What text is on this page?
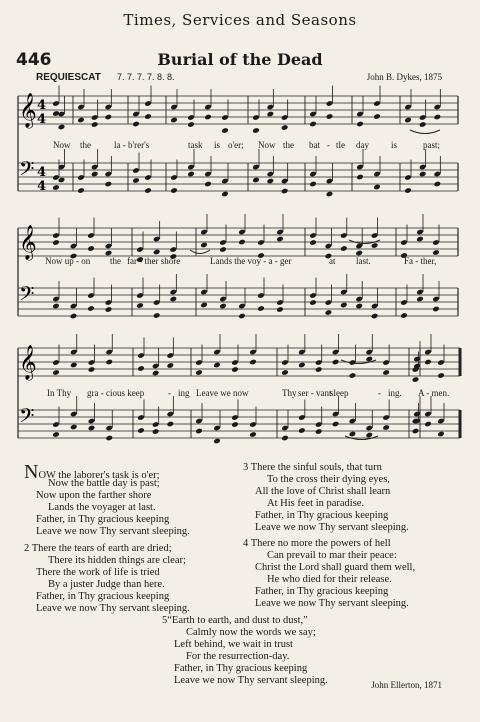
Times, Services and Seasons
446	Burial of the Dead
REQUIESCAT 7. 7. 7. 7. 8. 8.	John B. Dykes, 1875
𝄞 4
4
𝄢 4
4
𝄞
𝄢
𝄞
𝄢
Now the	la - b'rer's	task is o'er; Now the bat - tle day is	past;
Now up - on the far - ther shore	Lands the voy - a - ger	at last.	Fa - ther,
In Thy gra - cious keep	- ing Leave we now	Thy ser - vant
sleep	- ing. A - men.
NOW the laborer's task is o'er;
Now the battle day is past;
Now upon the farther shore
Lands the voyager at last.
Father, in Thy gracious keeping
Leave we now Thy servant sleeping.
2 There the tears of earth are dried;
There its hidden things are clear;
There the work of life is tried
By a juster Judge than here.
Father, in Thy gracious keeping
Leave we now Thy servant sleeping.
3 There the sinful souls, that turn
To the cross their dying eyes,
All the love of Christ shall learn
At His feet in paradise.
Father, in Thy gracious keeping
Leave we now Thy servant sleeping.
4 There no more the powers of hell
Can prevail to mar their peace:
Christ the Lord shall guard them well,
He who died for their release.
Father, in Thy gracious keeping
Leave we now Thy servant sleeping.
5“Earth to earth, and dust to dust,”
Calmly now the words we say;
Left behind, we wait in trust
For the resurrection-day.
Father, in Thy gracious keeping
Leave we now Thy servant sleeping.	John Ellerton, 1871
